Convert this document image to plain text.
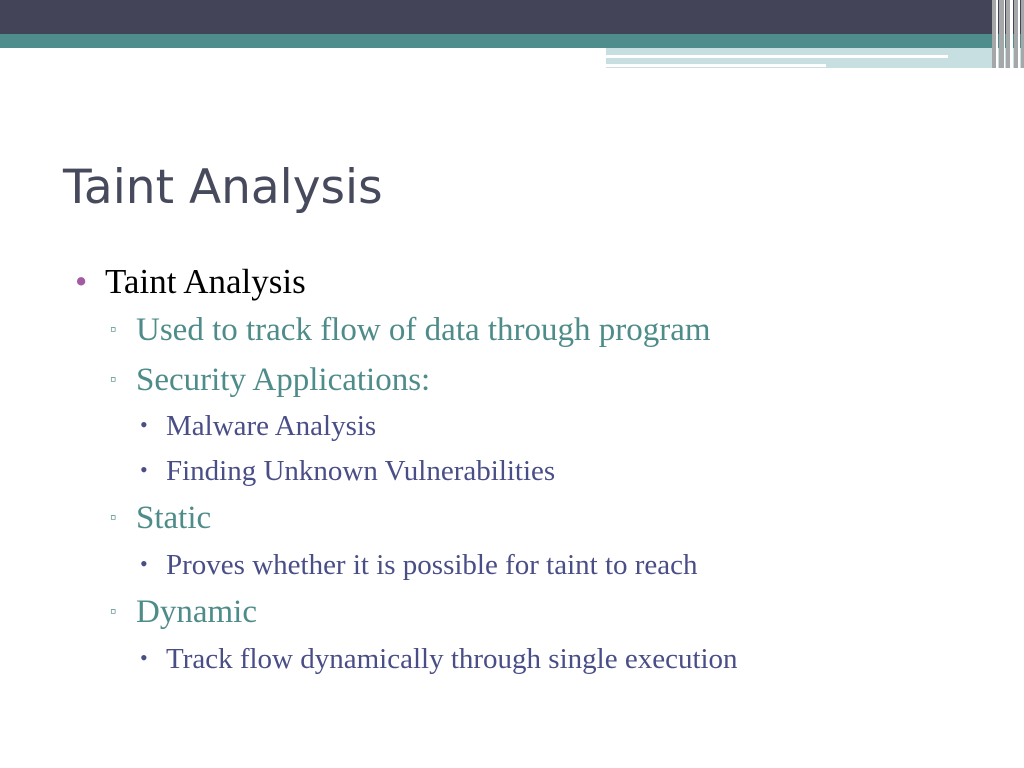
Taint Analysis
• Taint Analysis
▫ Used to track flow of data through program
▫ Security Applications:
• Malware Analysis
• Finding Unknown Vulnerabilities
▫ Static
• Proves whether it is possible for taint to reach
▫ Dynamic
• Track flow dynamically through single execution
